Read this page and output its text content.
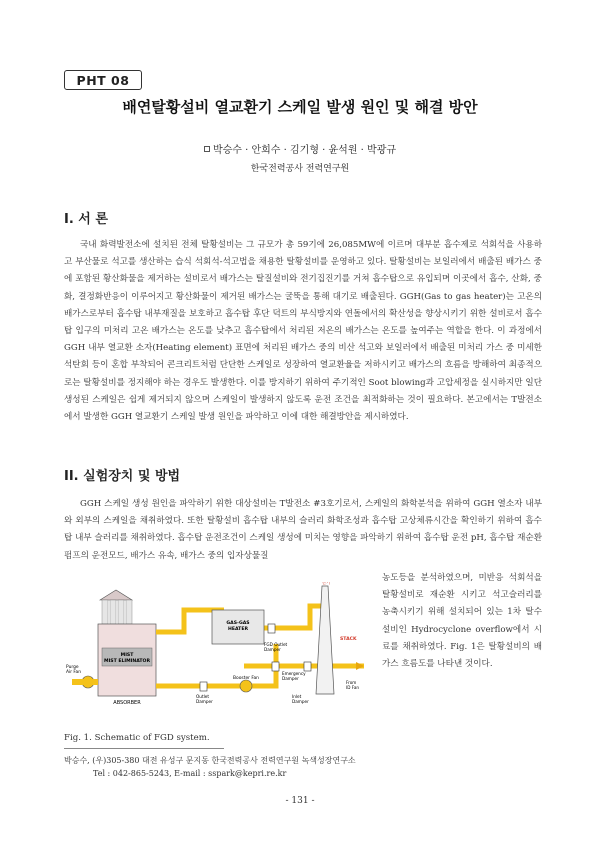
PHT 08
배연탈황설비 열교환기 스케일 발생 원인 및 해결 방안
박승수 · 안희수 · 김기형 · 윤석원 · 박광규
한국전력공사 전력연구원
I. 서 론
국내 화력발전소에 설치된 전체 탈황설비는 그 규모가 총 59기에 26,085MW에 이르며 대부분 흡수제로 석회석을 사용하고 부산물로 석고를 생산하는 습식 석회석-석고법을 채용한 탈황설비를 운영하고 있다. 탈황설비는 보일러에서 배출된 배가스 중에 포함된 황산화물을 제거하는 설비로서 배가스는 탈질설비와 전기집진기를 거쳐 흡수탑으로 유입되며 이곳에서 흡수, 산화, 중화, 결정화반응이 이루어지고 황산화물이 제거된 배가스는 굴뚝을 통해 대기로 배출된다. GGH(Gas to gas heater)는 고온의 배가스로부터 흡수탑 내부재질을 보호하고 흡수탑 후단 덕트의 부식방지와 연돌에서의 확산성을 향상시키기 위한 설비로서 흡수탑 입구의 미처리 고온 배가스는 온도를 낮추고 흡수탑에서 처리된 저온의 배가스는 온도를 높여주는 역할을 한다. 이 과정에서 GGH 내부 열교환 소자(Heating element) 표면에 처리된 배가스 중의 비산 석고와 보일러에서 배출된 미처리 가스 중 미세한 석탄회 등이 혼합 부착되어 콘크리트처럼 단단한 스케일로 성장하여 열교환율을 저하시키고 배가스의 흐름을 방해하여 최종적으로는 탈황설비를 정지해야 하는 경우도 발생한다. 이를 방지하기 위하여 주기적인 Soot blowing과 고압세정을 실시하지만 일단 생성된 스케일은 쉽게 제거되지 않으며 스케일이 발생하지 않도록 운전 조건을 최적화하는 것이 필요하다. 본고에서는 T발전소에서 발생한 GGH 열교환기 스케일 발생 원인을 파악하고 이에 대한 해결방안을 제시하였다.
II. 실험장치 및 방법
GGH 스케일 생성 원인을 파악하기 위한 대상설비는 T발전소 #3호기로서, 스케일의 화학분석을 위하여 GGH 열소자 내부와 외부의 스케일을 채취하였다. 또한 탈황설비 흡수탑 내부의 슬러리 화학조성과 흡수탑 고상체류시간을 확인하기 위하여 흡수탑 내부 슬러리를 채취하였다. 흡수탑 운전조건이 스케일 생성에 미치는 영향을 파악하기 위하여 흡수탑 운전 pH, 흡수탑 재순환펌프의 운전모드, 배가스 유속, 배가스 중의 입자상물질
농도등을 분석하였으며, 미반응 석회석을 탈황설비로 재순환 시키고 석고슬러리를 농축시키기 위해 설치되어 있는 1차 탈수설비인 Hydrocyclone overflow에서 시료를 채취하였다. Fig. 1은 탈황설비의 배가스 흐름도를 나타낸 것이다.
MIST
MIST ELIMINATOR
ABSORBER
Purge
Air Fan
GAS-GAS
HEATER
Booster Fan
Emergency
Damper
FGD Outlet
Damper
Outlet
Damper
Inlet
Damper
From
ID Fan
STACK
연기
Fig. 1. Schematic of FGD system.
박승수, (우)305-380 대전 유성구 문지동 한국전력공사 전력연구원 녹색성장연구소
Tel : 042-865-5243, E-mail : sspark@kepri.re.kr
- 131 -
